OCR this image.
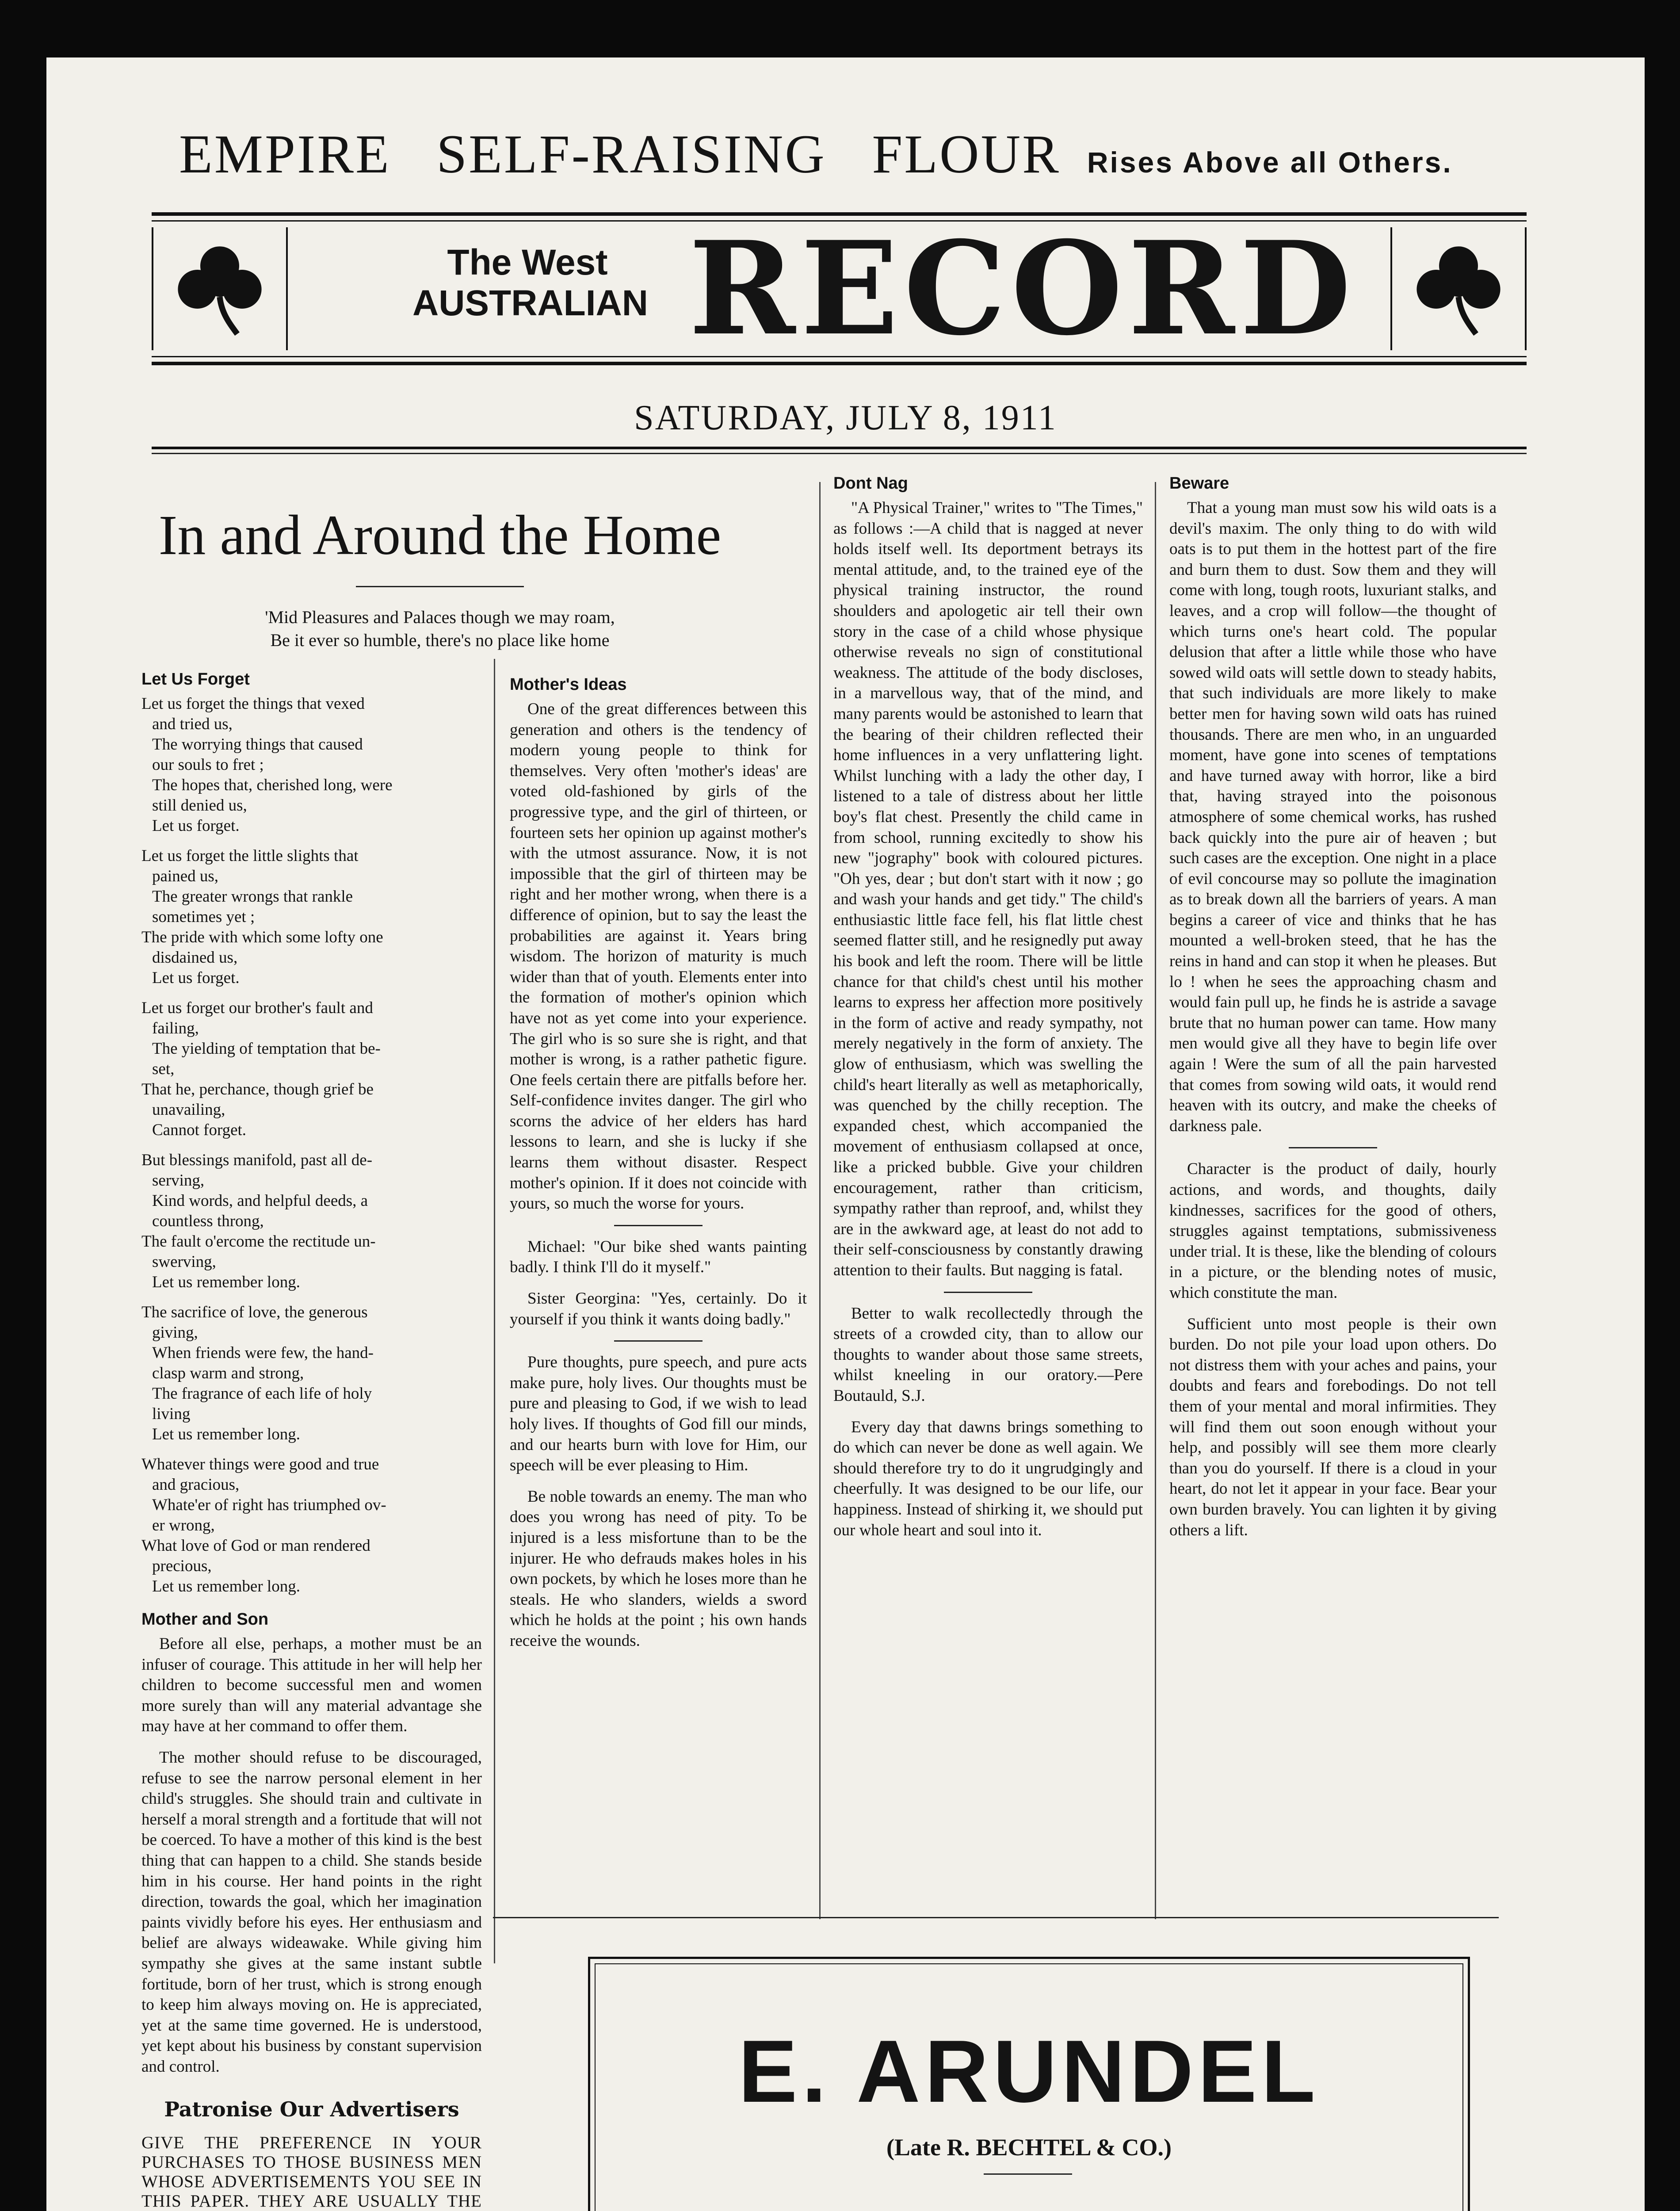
EMPIRE SELF-RAISING FLOUR Rises Above all Others.
The West
AUSTRALIAN RECORD
SATURDAY, JULY 8, 1911
In and Around the Home
'Mid Pleasures and Palaces though we may roam,
Be it ever so humble, there's no place like home
Let Us Forget
Let us forget the things that vexed
and tried us,
The worrying things that caused
our souls to fret ;
The hopes that, cherished long, were
still denied us,
Let us forget.
Let us forget the little slights that
pained us,
The greater wrongs that rankle
sometimes yet ;
The pride with which some lofty one
disdained us,
Let us forget.
Let us forget our brother's fault and
failing,
The yielding of temptation that be-
set,
That he, perchance, though grief be
unavailing,
Cannot forget.
But blessings manifold, past all de-
serving,
Kind words, and helpful deeds, a
countless throng,
The fault o'ercome the rectitude un-
swerving,
Let us remember long.
The sacrifice of love, the generous
giving,
When friends were few, the hand-
clasp warm and strong,
The fragrance of each life of holy
living
Let us remember long.
Whatever things were good and true
and gracious,
Whate'er of right has triumphed ov-
er wrong,
What love of God or man rendered
precious,
Let us remember long.
Mother and Son

Before all else, perhaps, a mother must be an infuser of courage. This attitude in her will help her children to become successful men and women more surely than will any material advantage she may have at her command to offer them.

The mother should refuse to be discouraged, refuse to see the narrow personal element in her child's struggles. She should train and cultivate in herself a moral strength and a fortitude that will not be coerced. To have a mother of this kind is the best thing that can happen to a child. She stands beside him in his course. Her hand points in the right direction, towards the goal, which her imagination paints vividly before his eyes. Her enthusiasm and belief are always wideawake. While giving him sympathy she gives at the same instant subtle fortitude, born of her trust, which is strong enough to keep him always moving on. He is appreciated, yet at the same time governed. He is understood, yet kept about his business by constant supervision and control.

Patronise Our Advertisers
GIVE THE PREFERENCE IN YOUR PURCHASES TO THOSE BUSINESS MEN WHOSE ADVERTISEMENTS YOU SEE IN THIS PAPER. THEY ARE USUALLY THE
Mother's Ideas

One of the great differences between this generation and others is the tendency of modern young people to think for themselves. Very often 'mother's ideas' are voted old-fashioned by girls of the progressive type, and the girl of thirteen, or fourteen sets her opinion up against mother's with the utmost assurance. Now, it is not impossible that the girl of thirteen may be right and her mother wrong, when there is a difference of opinion, but to say the least the probabilities are against it. Years bring wisdom. The horizon of maturity is much wider than that of youth. Elements enter into the formation of mother's opinion which have not as yet come into your experience. The girl who is so sure she is right, and that mother is wrong, is a rather pathetic figure. One feels certain there are pitfalls before her. Self-confidence invites danger. The girl who scorns the advice of her elders has hard lessons to learn, and she is lucky if she learns them without disaster. Respect mother's opinion. If it does not coincide with yours, so much the worse for yours.

Michael: "Our bike shed wants painting badly. I think I'll do it myself."

Sister Georgina: "Yes, certainly. Do it yourself if you think it wants doing badly."

Pure thoughts, pure speech, and pure acts make pure, holy lives. Our thoughts must be pure and pleasing to God, if we wish to lead holy lives. If thoughts of God fill our minds, and our hearts burn with love for Him, our speech will be ever pleasing to Him.

Be noble towards an enemy. The man who does you wrong has need of pity. To be injured is a less misfortune than to be the injurer. He who defrauds makes holes in his own pockets, by which he loses more than he steals. He who slanders, wields a sword which he holds at the point ; his own hands receive the wounds.

Dont Nag

"A Physical Trainer," writes to "The Times," as follows :—A child that is nagged at never holds itself well. Its deportment betrays its mental attitude, and, to the trained eye of the physical training instructor, the round shoulders and apologetic air tell their own story in the case of a child whose physique otherwise reveals no sign of constitutional weakness. The attitude of the body discloses, in a marvellous way, that of the mind, and many parents would be astonished to learn that the bearing of their children reflected their home influences in a very unflattering light. Whilst lunching with a lady the other day, I listened to a tale of distress about her little boy's flat chest. Presently the child came in from school, running excitedly to show his new "jography" book with coloured pictures. "Oh yes, dear ; but don't start with it now ; go and wash your hands and get tidy." The child's enthusiastic little face fell, his flat little chest seemed flatter still, and he resignedly put away his book and left the room. There will be little chance for that child's chest until his mother learns to express her affection more positively in the form of active and ready sympathy, not merely negatively in the form of anxiety. The glow of enthusiasm, which was swelling the child's heart literally as well as metaphorically, was quenched by the chilly reception. The expanded chest, which accompanied the movement of enthusiasm collapsed at once, like a pricked bubble. Give your children encouragement, rather than criticism, sympathy rather than reproof, and, whilst they are in the awkward age, at least do not add to their self-consciousness by constantly drawing attention to their faults. But nagging is fatal.

Better to walk recollectedly through the streets of a crowded city, than to allow our thoughts to wander about those same streets, whilst kneeling in our oratory.—Pere Boutauld, S.J.

Every day that dawns brings something to do which can never be done as well again. We should therefore try to do it ungrudgingly and cheerfully. It was designed to be our life, our happiness. Instead of shirking it, we should put our whole heart and soul into it.

Beware

That a young man must sow his wild oats is a devil's maxim. The only thing to do with wild oats is to put them in the hottest part of the fire and burn them to dust. Sow them and they will come with long, tough roots, luxuriant stalks, and leaves, and a crop will follow—the thought of which turns one's heart cold. The popular delusion that after a little while those who have sowed wild oats will settle down to steady habits, that such individuals are more likely to make better men for having sown wild oats has ruined thousands. There are men who, in an unguarded moment, have gone into scenes of temptations and have turned away with horror, like a bird that, having strayed into the poisonous atmosphere of some chemical works, has rushed back quickly into the pure air of heaven ; but such cases are the exception. One night in a place of evil concourse may so pollute the imagination as to break down all the barriers of years. A man begins a career of vice and thinks that he has mounted a well-broken steed, that he has the reins in hand and can stop it when he pleases. But lo ! when he sees the approaching chasm and would fain pull up, he finds he is astride a savage brute that no human power can tame. How many men would give all they have to begin life over again ! Were the sum of all the pain harvested that comes from sowing wild oats, it would rend heaven with its outcry, and make the cheeks of darkness pale.

Character is the product of daily, hourly actions, and words, and thoughts, daily kindnesses, sacrifices for the good of others, struggles against temptations, submissiveness under trial. It is these, like the blending of colours in a picture, or the blending notes of music, which constitute the man.

Sufficient unto most people is their own burden. Do not pile your load upon others. Do not distress them with your aches and pains, your doubts and fears and forebodings. Do not tell them of your mental and moral infirmities. They will find them out soon enough without your help, and possibly will see them more clearly than you do yourself. If there is a cloud in your heart, do not let it appear in your face. Bear your own burden bravely. You can lighten it by giving others a lift.

E. ARUNDEL
(Late R. BECHTEL & CO.)
